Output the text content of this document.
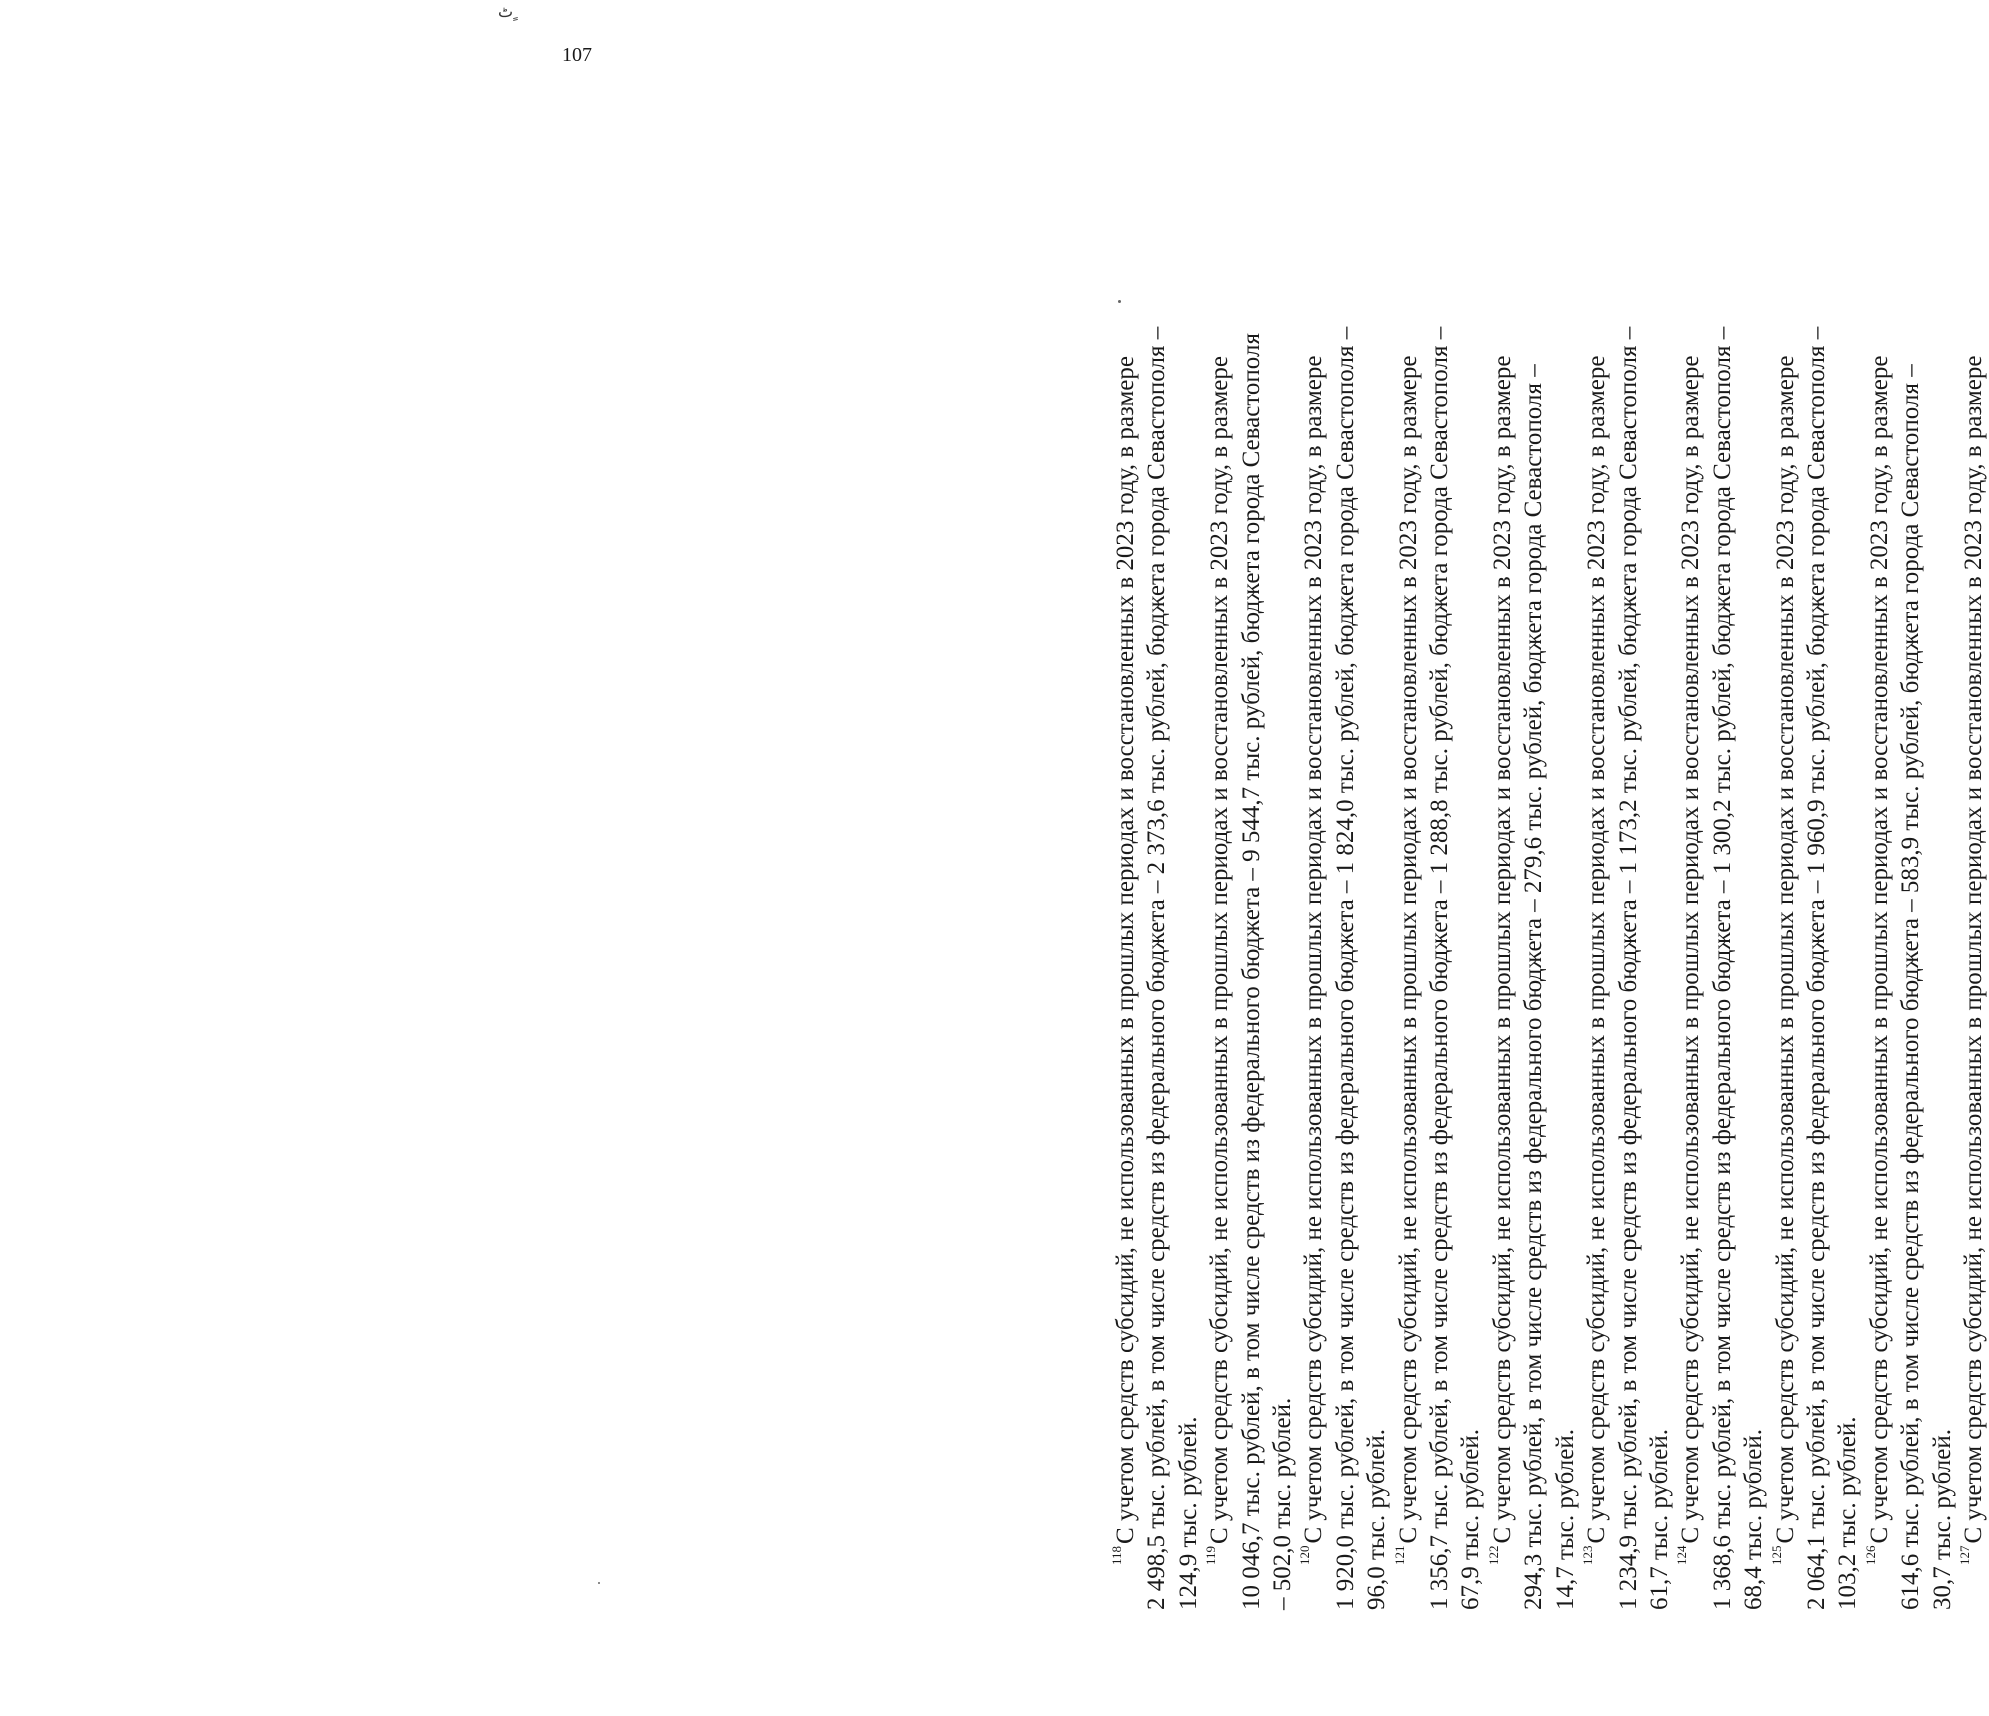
ٹ ٍ
107
$^{118}$С учетом средств субсидий, не использованных в прошлых периодах и восстановленных в 2023 году, в размере 2 498,5 тыс. рублей, в том числе средств из федерального бюджета – 2 373,6 тыс. рублей, бюджета города Севастополя – 124,9 тыс. рублей. $^{119}$С учетом средств субсидий, не использованных в прошлых периодах и восстановленных в 2023 году, в размере 10 046,7 тыс. рублей, в том числе средств из федерального бюджета – 9 544,7 тыс. рублей, бюджета города Севастополя – 502,0 тыс. рублей. $^{120}$С учетом средств субсидий, не использованных в прошлых периодах и восстановленных в 2023 году, в размере 1 920,0 тыс. рублей, в том числе средств из федерального бюджета – 1 824,0 тыс. рублей, бюджета города Севастополя – 96,0 тыс. рублей. $^{121}$С учетом средств субсидий, не использованных в прошлых периодах и восстановленных в 2023 году, в размере 1 356,7 тыс. рублей, в том числе средств из федерального бюджета – 1 288,8 тыс. рублей, бюджета города Севастополя – 67,9 тыс. рублей. $^{122}$С учетом средств субсидий, не использованных в прошлых периодах и восстановленных в 2023 году, в размере 294,3 тыс. рублей, в том числе средств из федерального бюджета – 279,6 тыс. рублей, бюджета города Севастополя – 14,7 тыс. рублей. $^{123}$С учетом средств субсидий, не использованных в прошлых периодах и восстановленных в 2023 году, в размере 1 234,9 тыс. рублей, в том числе средств из федерального бюджета – 1 173,2 тыс. рублей, бюджета города Севастополя – 61,7 тыс. рублей. $^{124}$С учетом средств субсидий, не использованных в прошлых периодах и восстановленных в 2023 году, в размере 1 368,6 тыс. рублей, в том числе средств из федерального бюджета – 1 300,2 тыс. рублей, бюджета города Севастополя – 68,4 тыс. рублей. $^{125}$С учетом средств субсидий, не использованных в прошлых периодах и восстановленных в 2023 году, в размере 2 064,1 тыс. рублей, в том числе средств из федерального бюджета – 1 960,9 тыс. рублей, бюджета города Севастополя – 103,2 тыс. рублей. $^{126}$С учетом средств субсидий, не использованных в прошлых периодах и восстановленных в 2023 году, в размере 614,6 тыс. рублей, в том числе средств из федерального бюджета – 583,9 тыс. рублей, бюджета города Севастополя – 30,7 тыс. рублей. $^{127}$С учетом средств субсидий, не использованных в прошлых периодах и восстановленных в 2023 году, в размере
